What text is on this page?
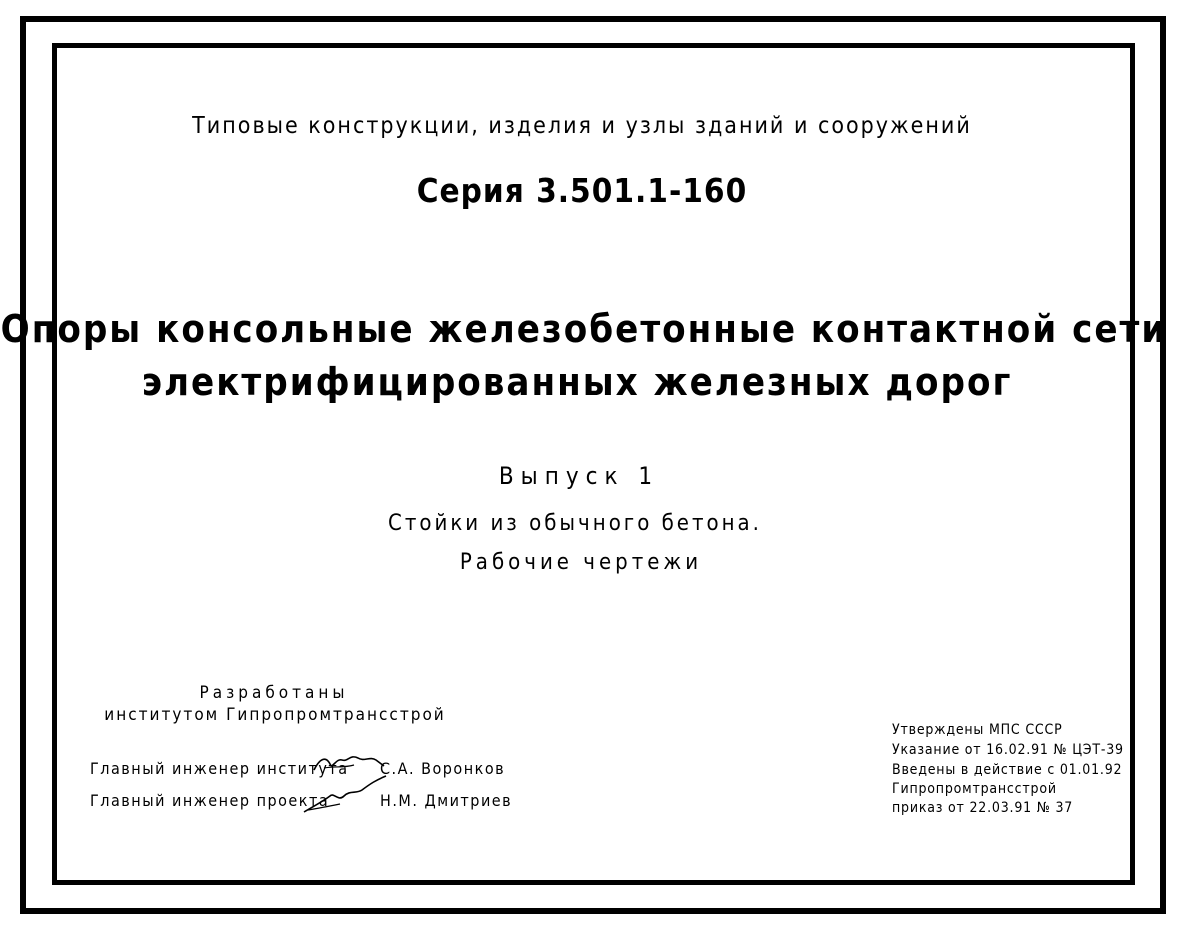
Типовые конструкции, изделия и узлы зданий и сооружений
Серия 3.501.1-160
Опоры консольные железобетонные контактной сети
электрифицированных железных дорог
Выпуск 1
Стойки из обычного бетона.
Рабочие чертежи
Разработаны
институтом Гипропромтрансстрой
Главный инженер института С.А. Воронков
Главный инженер проекта	Н.М. Дмитриев
Утверждены МПС СССР
Указание от 16.02.91 № ЦЭТ-39
Введены в действие с 01.01.92
Гипропромтрансстрой
приказ от 22.03.91 № 37
